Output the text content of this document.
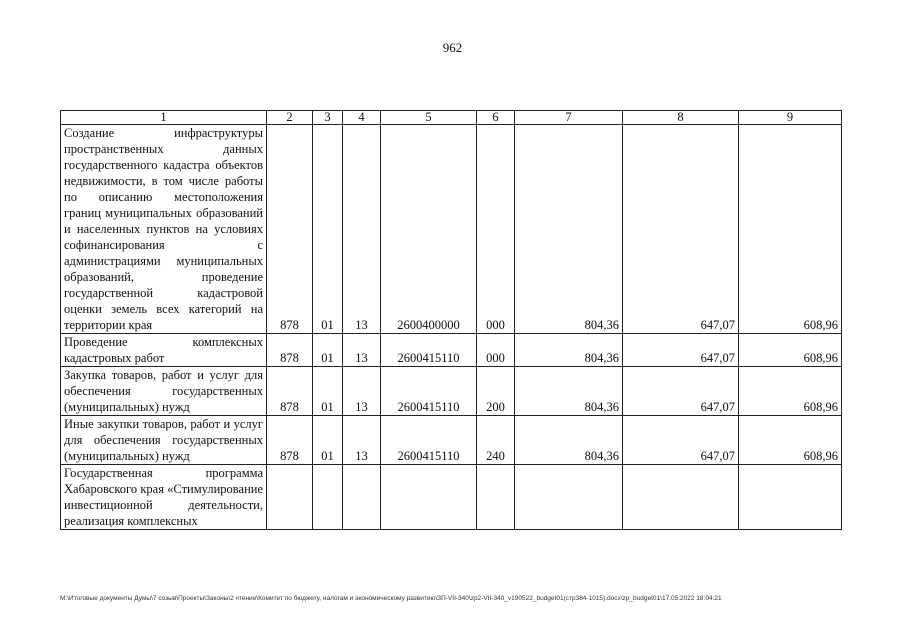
962
1	2	3	4	5	6	7	8	9
Создание инфраструктуры пространственных данных государственного кадастра объектов недвижимости, в том числе работы по описанию местоположения границ муниципальных образований и населенных пунктов на условиях софинансирования с администрациями муниципальных образований, проведение государственной кадастровой оценки земель всех категорий на территории края	878	01	13	2600400000	000	804,36	647,07	608,96
Проведение комплексных кадастровых работ	878	01	13	2600415110	000	804,36	647,07	608,96
Закупка товаров, работ и услуг для обеспечения государственных (муниципальных) нужд	878	01	13	2600415110	200	804,36	647,07	608,96
Иные закупки товаров, работ и услуг для обеспечения государственных (муниципальных) нужд	878	01	13	2600415110	240	804,36	647,07	608,96
Государственная программа Хабаровского края «Стимулирование инвестиционной деятельности, реализация комплексных								
M:\Итоговые документы Думы\7 созыв\Проекты\Законы\2 чтение\Комитет по бюджету, налогам и экономическому развитию\ЗП-VII-340\zp2-VII-340_v190522_budget01(стр384-1015).docx\zp_budget01\17.05.2022 18:04:21
